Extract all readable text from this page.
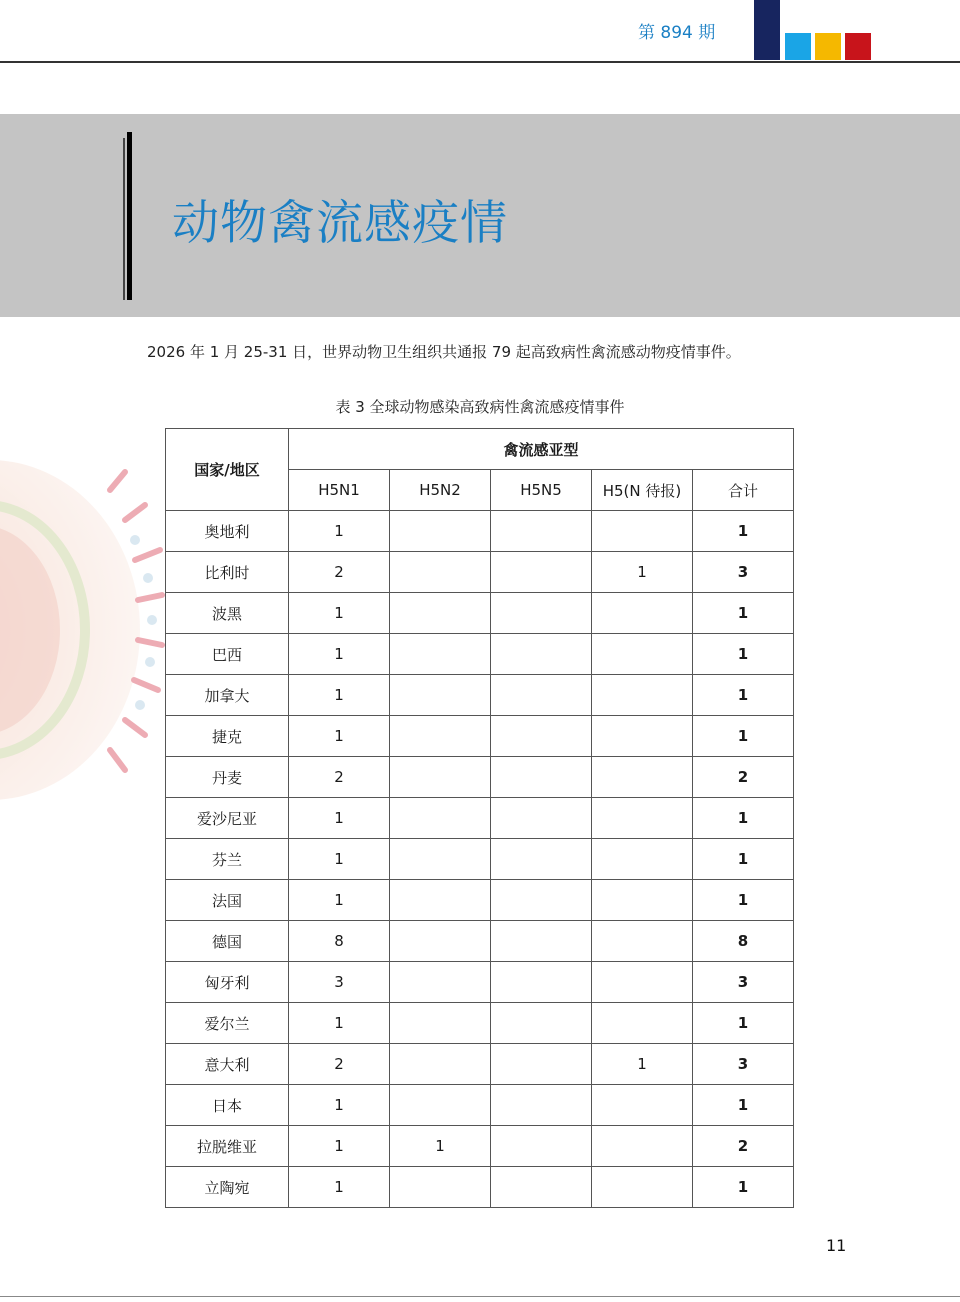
第 894 期
动物禽流感疫情
2026 年 1 月 25-31 日，世界动物卫生组织共通报 79 起高致病性禽流感动物疫情事件。
表 3 全球动物感染高致病性禽流感疫情事件
国家/地区	禽流感亚型				
	H5N1	H5N2	H5N5	H5(N 待报)	合计
奥地利	1				1
比利时	2			1	3
波黑	1				1
巴西	1				1
加拿大	1				1
捷克	1				1
丹麦	2				2
爱沙尼亚	1				1
芬兰	1				1
法国	1				1
德国	8				8
匈牙利	3				3
爱尔兰	1				1
意大利	2			1	3
日本	1				1
拉脱维亚	1	1			2
立陶宛	1				1
11
